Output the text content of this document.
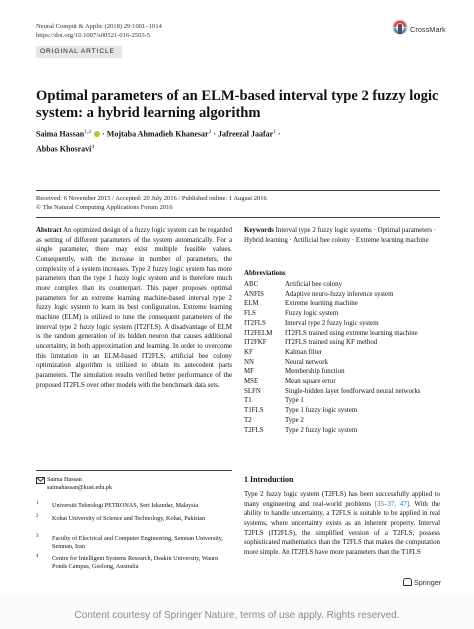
Neural Comput & Applic (2018) 29:1001–1014
https://doi.org/10.1007/s00521-016-2503-5
ORIGINAL ARTICLE
CrossMark
Optimal parameters of an ELM-based interval type 2 fuzzy logic system: a hybrid learning algorithm
Saima Hassan$^{1,2}$  · Mojtaba Ahmadieh Khanesar$^3$ · Jafreezal Jaafar$^1$ ·
Abbas Khosravi$^4$
Received: 6 November 2015 / Accepted: 20 July 2016 / Published online: 1 August 2016
© The Natural Computing Applications Forum 2016
Abstract An optimized design of a fuzzy logic system can be regarded as setting of different parameters of the system automatically. For a single parameter, there may exist multiple feasible values. Consequently, with the increase in number of parameters, the complexity of a system increases. Type 2 fuzzy logic system has more parameters than the type 1 fuzzy logic system and is therefore much more complex than its counterpart. This paper proposes optimal parameters for an extreme learning machine-based interval type 2 fuzzy logic system to learn its best configuration. Extreme learning machine (ELM) is utilized to tune the consequent parameters of the interval type 2 fuzzy logic system (IT2FLS). A disadvantage of ELM is the random generation of its hidden neuron that causes additional uncertainty, in both approximation and learning. In order to overcome this limitation in an ELM-based IT2FLS, artificial bee colony optimization algorithm is utilized to obtain its antecedent parts parameters. The simulation results verified better performance of the proposed IT2FLS over other models with the benchmark data sets.
Keywords Interval type 2 fuzzy logic systems · Optimal parameters · Hybrid learning · Artificial bee colony · Extreme learning machine
Abbreviations
ABC	Artificial bee colony
ANFIS	Adaptive neuro-fuzzy inference system
ELM	Extreme learning machine
FLS	Fuzzy logic system
IT2FLS	Interval type 2 fuzzy logic system
IT2FELM	IT2FLS trained using extreme learning machine
IT2FKF	IT2FLS trained using KF method
KF	Kalman filter
NN	Neural network
MF	Membership function
MSE	Mean square error
SLFN	Single-hidden layer feedforward neural networks
T1	Type 1
T1FLS	Type 1 fuzzy logic system
T2	Type 2
T2FLS	Type 2 fuzzy logic system
Saima Hassan
saimahassan@kust.edu.pk
1 Universiti Teknologi PETRONAS, Seri Iskandar, Malaysia
2 Kohat University of Science and Technology, Kohat, Pakistan
3 Faculty of Electrical and Computer Engineering, Semnan University, Semnan, Iran
4 Centre for Intelligent Systems Research, Deakin University, Waurn Ponds Campus, Geelong, Australia
1 Introduction
Type 2 fuzzy logic system (T2FLS) has been successfully applied to many engineering and real-world problems [35–37, 47]. With the ability to handle uncertainty, a T2FLS is suitable to be applied in real systems, where uncertainty exists as an inherent property. Interval T2FLS (IT2FLS), the simplified version of a T2FLS, possess sophisticated mathematics than the T2FLS that makes the computation more simple. An IT2FLS have more parameters than the T1FLS
Springer
Content courtesy of Springer Nature, terms of use apply. Rights reserved.
